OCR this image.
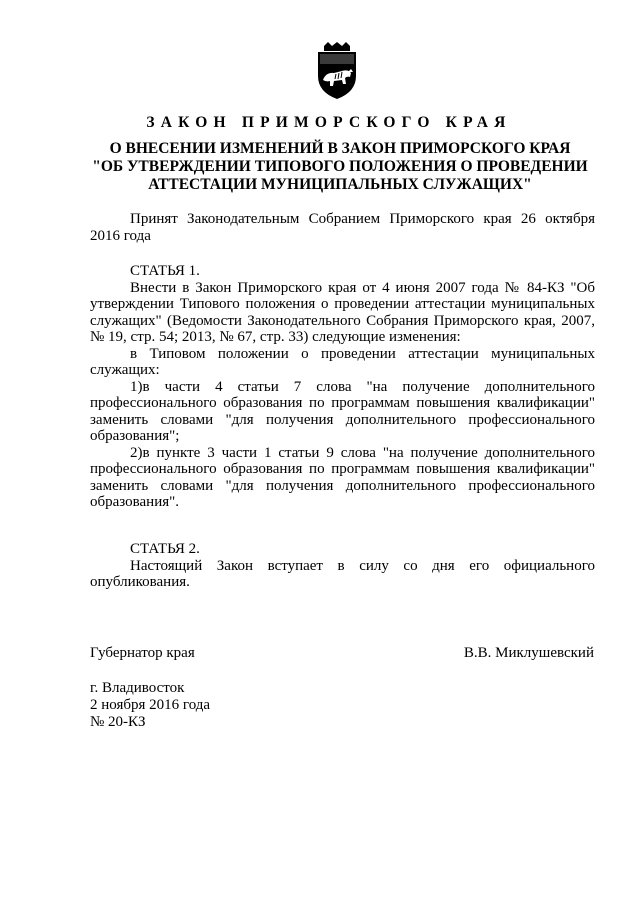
ЗАКОН ПРИМОРСКОГО КРАЯ
О ВНЕСЕНИИ ИЗМЕНЕНИЙ В ЗАКОН ПРИМОРСКОГО КРАЯ
"ОБ УТВЕРЖДЕНИИ ТИПОВОГО ПОЛОЖЕНИЯ О ПРОВЕДЕНИИ
АТТЕСТАЦИИ МУНИЦИПАЛЬНЫХ СЛУЖАЩИХ"
Принят Законодательным Собранием Приморского края 26 октября
2016 года
СТАТЬЯ 1.
Внести в Закон Приморского края от 4 июня 2007 года № 84-КЗ "Об
утверждении Типового положения о проведении аттестации муниципальных
служащих" (Ведомости Законодательного Собрания Приморского края, 2007,
№ 19, стр. 54; 2013, № 67, стр. 33) следующие изменения:
в Типовом положении о проведении аттестации муниципальных
служащих:
1)в части 4 статьи 7 слова "на получение дополнительного
профессионального образования по программам повышения квалификации"
заменить словами "для получения дополнительного профессионального
образования";
2)в пункте 3 части 1 статьи 9 слова "на получение дополнительного
профессионального образования по программам повышения квалификации"
заменить словами "для получения дополнительного профессионального
образования".
СТАТЬЯ 2.
Настоящий Закон вступает в силу со дня его официального
опубликования.
Губернатор края	В.В. Миклушевский
г. Владивосток
2 ноября 2016 года
№ 20-КЗ
